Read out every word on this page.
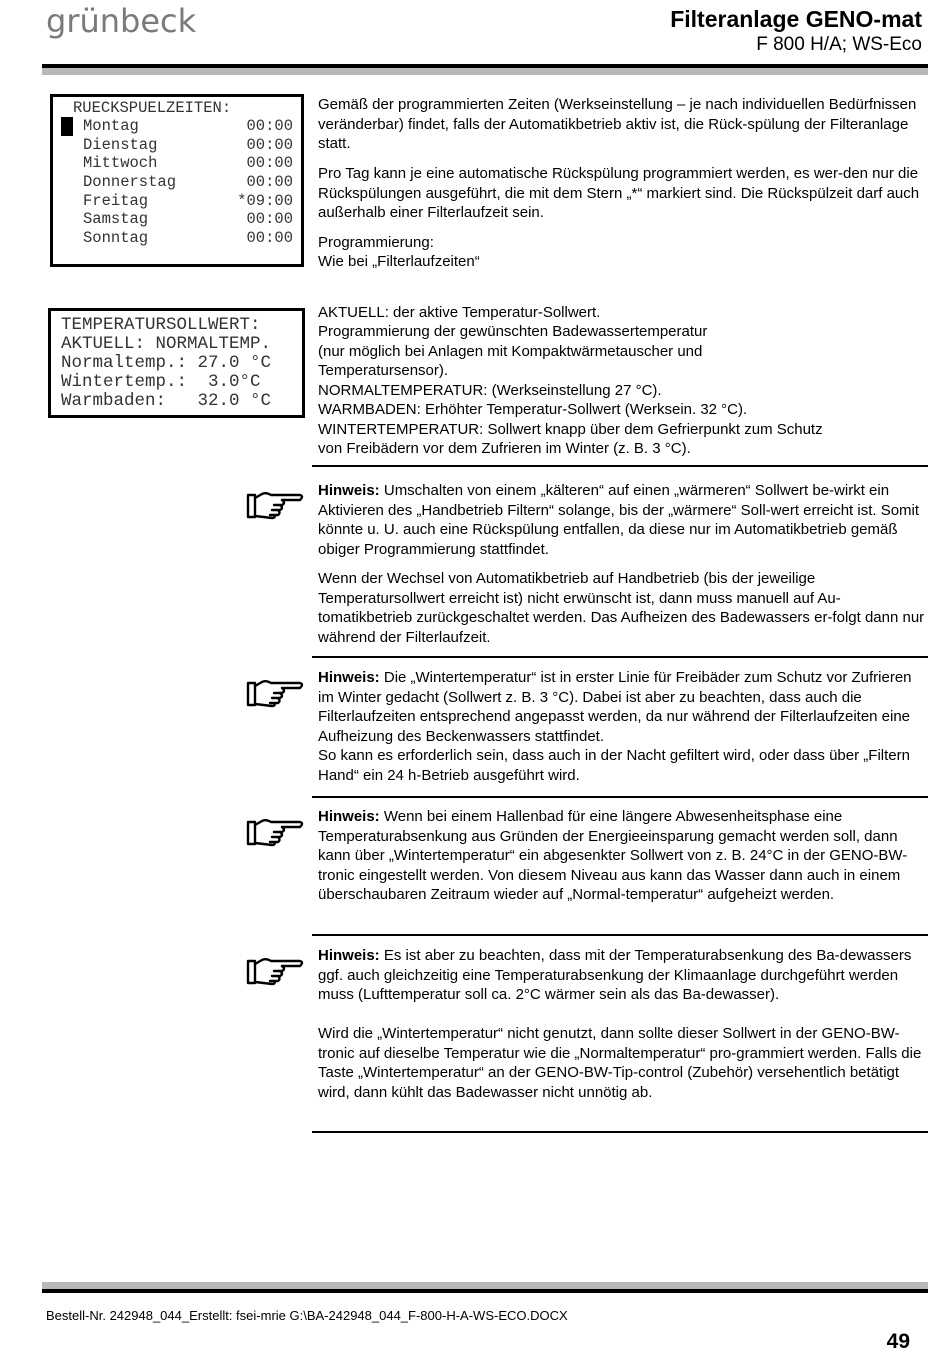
grünbeck	Filteranlage GENO-mat
F 800 H/A; WS-Eco
RUECKSPUELZEITEN:
Montag	00:00
Dienstag	00:00
Mittwoch	00:00
Donnerstag	00:00
Freitag	*09:00
Samstag	00:00
Sonntag	00:00

Gemäß der programmierten Zeiten (Werkseinstellung – je nach individuellen Bedürfnissen veränderbar) findet, falls der Automatikbetrieb aktiv ist, die Rück-spülung der Filteranlage statt.

Pro Tag kann je eine automatische Rückspülung programmiert werden, es wer-den nur die Rückspülungen ausgeführt, die mit dem Stern „*“ markiert sind. Die Rückspülzeit darf auch außerhalb einer Filterlaufzeit sein.

Programmierung:

Wie bei „Filterlaufzeiten“

TEMPERATURSOLLWERT:
AKTUELL: NORMALTEMP.
Normaltemp.: 27.0 °C
Wintertemp.:  3.0°C
Warmbaden:   32.0 °C

AKTUELL: der aktive Temperatur-Sollwert.

Programmierung der gewünschten Badewassertemperatur

(nur möglich bei Anlagen mit Kompaktwärmetauscher und

Temperatursensor).

NORMALTEMPERATUR: (Werkseinstellung 27 °C).

WARMBADEN: Erhöhter Temperatur-Sollwert (Werksein. 32 °C).

WINTERTEMPERATUR: Sollwert knapp über dem Gefrierpunkt zum Schutz

von Freibädern vor dem Zufrieren im Winter (z. B. 3 °C).

Hinweis: Umschalten von einem „kälteren“ auf einen „wärmeren“ Sollwert be-wirkt ein Aktivieren des „Handbetrieb Filtern“ solange, bis der „wärmere“ Soll-wert erreicht ist. Somit könnte u. U. auch eine Rückspülung entfallen, da diese nur im Automatikbetrieb gemäß obiger Programmierung stattfindet.

Wenn der Wechsel von Automatikbetrieb auf Handbetrieb (bis der jeweilige Temperatursollwert erreicht ist) nicht erwünscht ist, dann muss manuell auf Au-tomatikbetrieb zurückgeschaltet werden. Das Aufheizen des Badewassers er-folgt dann nur während der Filterlaufzeit.

Hinweis: Die „Wintertemperatur“ ist in erster Linie für Freibäder zum Schutz vor Zufrieren im Winter gedacht (Sollwert z. B. 3 °C). Dabei ist aber zu beachten, dass auch die Filterlaufzeiten entsprechend angepasst werden, da nur während der Filterlaufzeiten eine Aufheizung des Beckenwassers stattfindet.

So kann es erforderlich sein, dass auch in der Nacht gefiltert wird, oder dass über „Filtern Hand“ ein 24 h-Betrieb ausgeführt wird.

Hinweis: Wenn bei einem Hallenbad für eine längere Abwesenheitsphase eine Temperaturabsenkung aus Gründen der Energieeinsparung gemacht werden soll, dann kann über „Wintertemperatur“ ein abgesenkter Sollwert von z. B. 24°C in der GENO-BW-tronic eingestellt werden. Von diesem Niveau aus kann das Wasser dann auch in einem überschaubaren Zeitraum wieder auf „Normal-temperatur“ aufgeheizt werden.

Hinweis: Es ist aber zu beachten, dass mit der Temperaturabsenkung des Ba-dewassers ggf. auch gleichzeitig eine Temperaturabsenkung der Klimaanlage durchgeführt werden muss (Lufttemperatur soll ca. 2°C wärmer sein als das Ba-dewasser).

Wird die „Wintertemperatur“ nicht genutzt, dann sollte dieser Sollwert in der GENO-BW-tronic auf dieselbe Temperatur wie die „Normaltemperatur“ pro-grammiert werden. Falls die Taste „Wintertemperatur“ an der GENO-BW-Tip-control (Zubehör) versehentlich betätigt wird, dann kühlt das Badewasser nicht unnötig ab.

Bestell-Nr. 242948_044_Erstellt: fsei-mrie G:\BA-242948_044_F-800-H-A-WS-ECO.DOCX
49
